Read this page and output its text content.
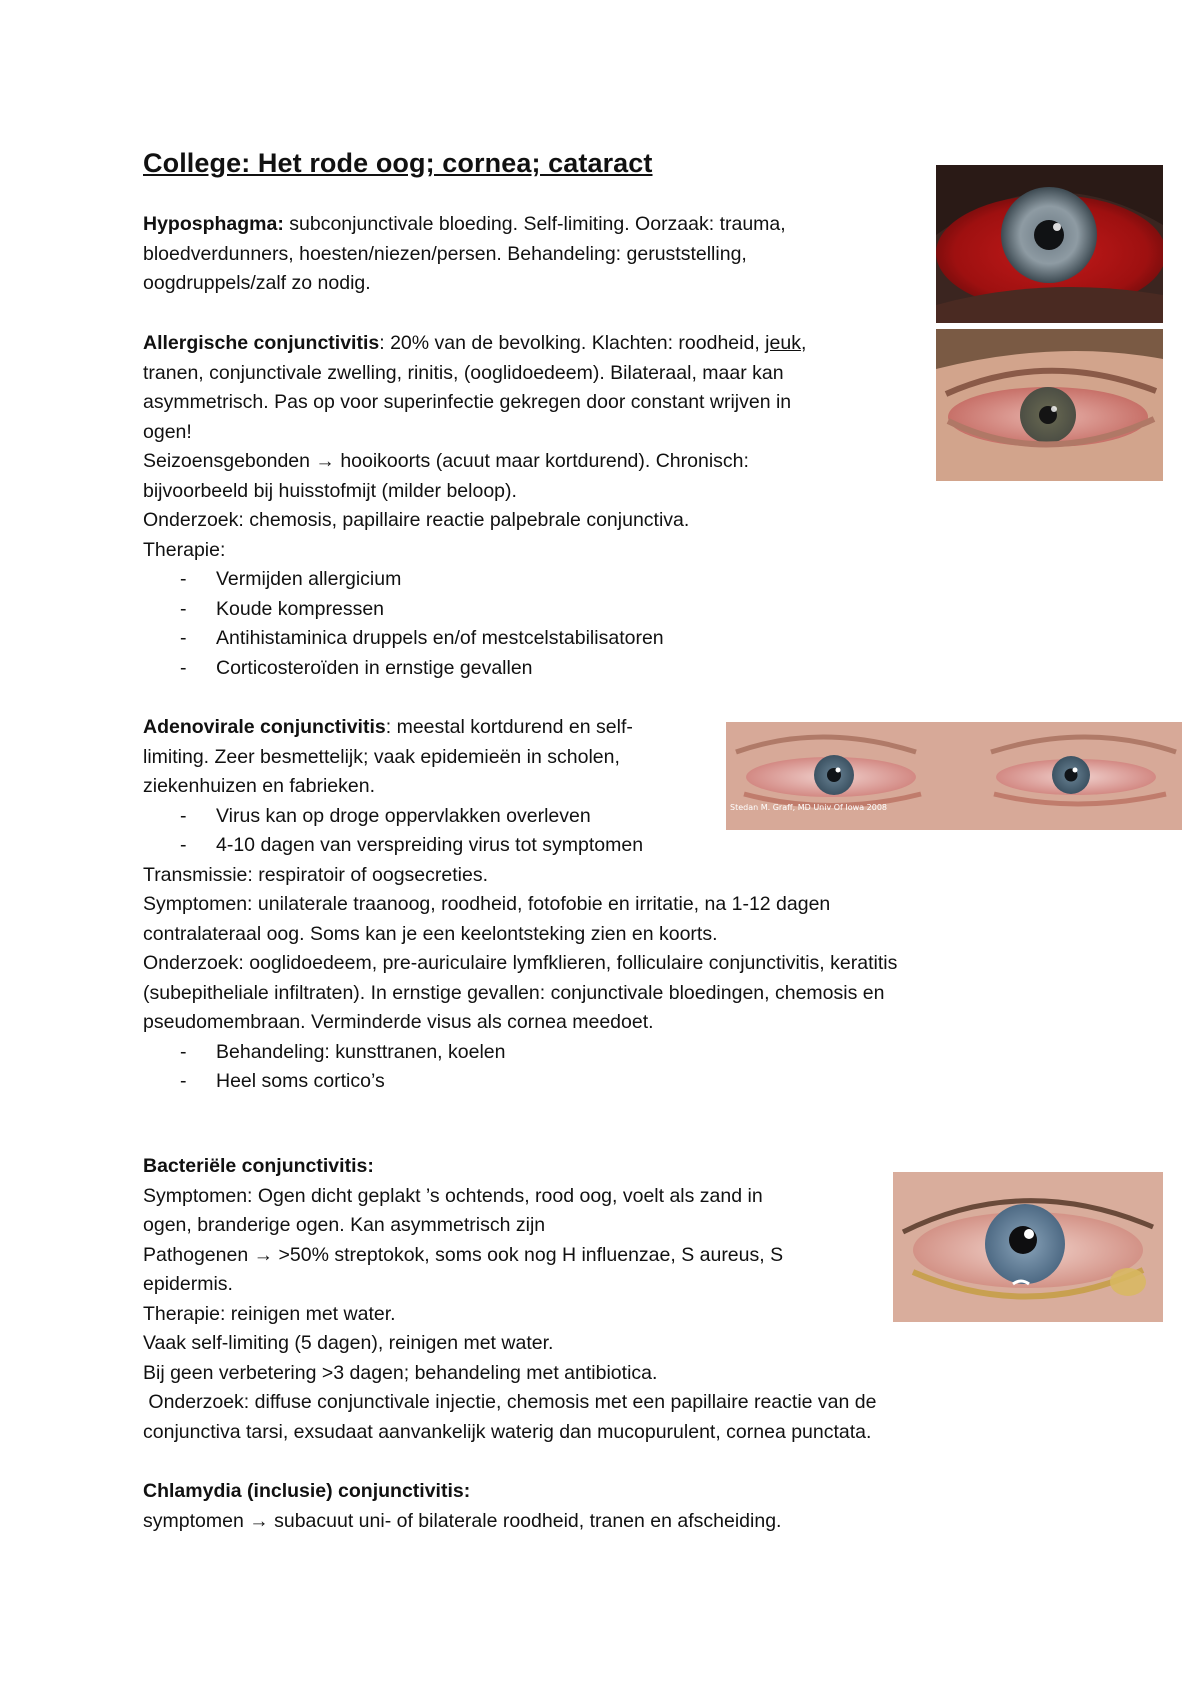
College: Het rode oog; cornea; cataract
Hyposphagma: subconjunctivale bloeding. Self-limiting. Oorzaak: trauma,
bloedverdunners, hoesten/niezen/persen. Behandeling: geruststelling,
oogdruppels/zalf zo nodig.
Allergische conjunctivitis: 20% van de bevolking. Klachten: roodheid, jeuk,
tranen, conjunctivale zwelling, rinitis, (ooglidoedeem). Bilateraal, maar kan
asymmetrisch. Pas op voor superinfectie gekregen door constant wrijven in
ogen!
Seizoensgebonden → hooikoorts (acuut maar kortdurend). Chronisch:
bijvoorbeeld bij huisstofmijt (milder beloop).
Onderzoek: chemosis, papillaire reactie palpebrale conjunctiva.
Therapie:
- Vermijden allergicium
- Koude kompressen
- Antihistaminica druppels en/of mestcelstabilisatoren
- Corticosteroïden in ernstige gevallen
Adenovirale conjunctivitis: meestal kortdurend en self-
limiting. Zeer besmettelijk; vaak epidemieën in scholen,
ziekenhuizen en fabrieken.
- Virus kan op droge oppervlakken overleven
- 4-10 dagen van verspreiding virus tot symptomen
Transmissie: respiratoir of oogsecreties.
Symptomen: unilaterale traanoog, roodheid, fotofobie en irritatie, na 1-12 dagen
contralateraal oog. Soms kan je een keelontsteking zien en koorts.
Onderzoek: ooglidoedeem, pre-auriculaire lymfklieren, folliculaire conjunctivitis, keratitis
(subepitheliale infiltraten). In ernstige gevallen: conjunctivale bloedingen, chemosis en
pseudomembraan. Verminderde visus als cornea meedoet.
- Behandeling: kunsttranen, koelen
- Heel soms cortico’s
Bacteriële conjunctivitis:
Symptomen: Ogen dicht geplakt ’s ochtends, rood oog, voelt als zand in
ogen, branderige ogen. Kan asymmetrisch zijn
Pathogenen → >50% streptokok, soms ook nog H influenzae, S aureus, S
epidermis.
Therapie: reinigen met water.
Vaak self-limiting (5 dagen), reinigen met water.
Bij geen verbetering >3 dagen; behandeling met antibiotica.
Onderzoek: diffuse conjunctivale injectie, chemosis met een papillaire reactie van de
conjunctiva tarsi, exsudaat aanvankelijk waterig dan mucopurulent, cornea punctata.
Chlamydia (inclusie) conjunctivitis:
symptomen → subacuut uni- of bilaterale roodheid, tranen en afscheiding.
Stedan M. Graff, MD Univ Of Iowa 2008
